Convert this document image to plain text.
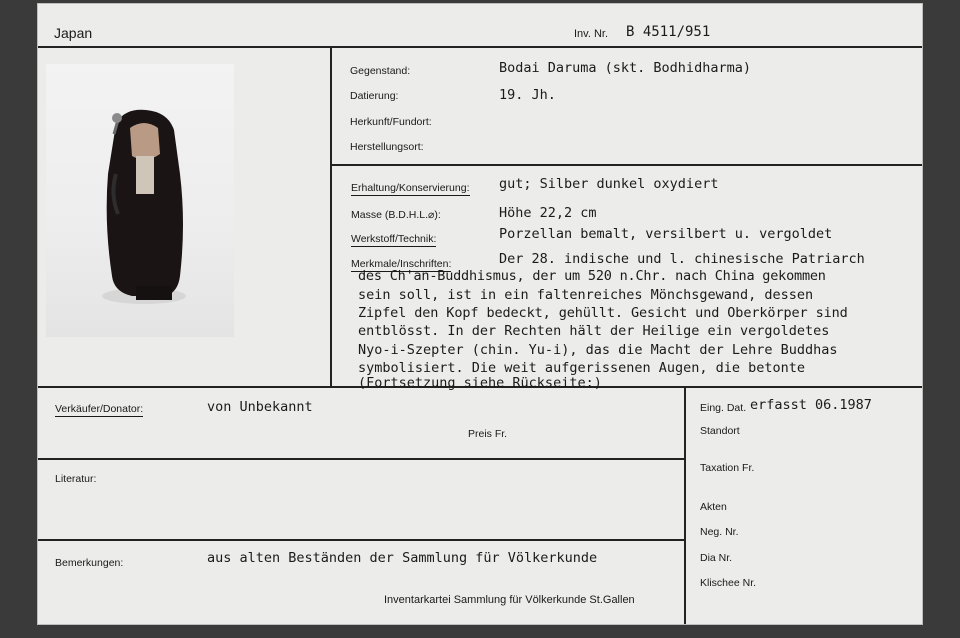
Japan	Inv. Nr. B 4511/951
Gegenstand:	Bodai Daruma (skt. Bodhidharma)
Datierung:	19. Jh.
Herkunft/Fundort:
Herstellungsort:
Erhaltung/Konservierung: gut; Silber dunkel oxydiert
Masse (B.D.H.L.⌀):	Höhe 22,2 cm
Werkstoff/Technik:	Porzellan bemalt, versilbert u. vergoldet
Merkmale/Inschriften:	Der 28. indische und l. chinesische Patriarch
des Ch'an-Buddhismus, der um 520 n.Chr. nach China gekommen
sein soll, ist in ein faltenreiches Mönchsgewand, dessen
Zipfel den Kopf bedeckt, gehüllt. Gesicht und Oberkörper sind
entblösst. In der Rechten hält der Heilige ein vergoldetes
Nyo-i-Szepter (chin. Yu-i), das die Macht der Lehre Buddhas
symbolisiert. Die weit aufgerissenen Augen, die betonte
(Fortsetzung siehe Rückseite:)
Verkäufer/Donator:	von Unbekannt
Preis Fr.
Literatur:
Bemerkungen:	aus alten Beständen der Sammlung für Völkerkunde
Inventarkartei Sammlung für Völkerkunde St.Gallen
Eing. Dat. erfasst 06.1987
Standort
Taxation Fr.
Akten
Neg. Nr.
Dia Nr.
Klischee Nr.
